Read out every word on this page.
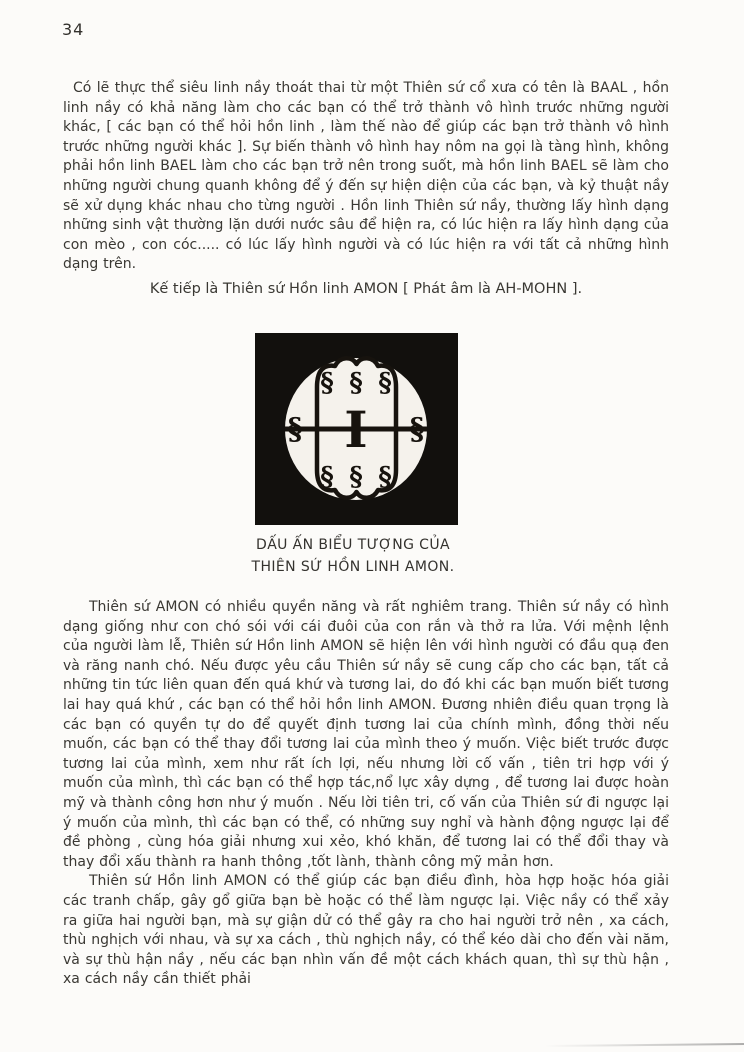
34
Có lẽ thực thể siêu linh nầy thoát thai từ một Thiên sứ cổ xưa có tên là BAAL , hồn linh nầy có khả năng làm cho các bạn có thể trở thành vô hình trước những người khác, [ các bạn có thể hỏi hồn linh , làm thế nào để giúp các bạn trở thành vô hình trước những người khác ]. Sự biến thành vô hình hay nôm na gọi là tàng hình, không phải hồn linh BAEL làm cho các bạn trở nên trong suốt, mà hồn linh BAEL sẽ làm cho những người chung quanh không để ý đến sự hiện diện của các bạn, và kỷ thuật nầy sẽ xử dụng khác nhau cho từng người . Hồn linh Thiên sứ nầy, thường lấy hình dạng những sinh vật thường lặn dưới nước sâu để hiện ra, có lúc hiện ra lấy hình dạng của con mèo , con cóc..... có lúc lấy hình người và có lúc hiện ra với tất cả những hình dạng trên.
Kế tiếp là Thiên sứ Hồn linh AMON [ Phát âm là AH-MOHN ].
§ § §
§ § §
§	§
I
DẤU ẤN BIỂU TƯỢNG CỦA
THIÊN SỨ HỒN LINH AMON.

Thiên sứ AMON có nhiều quyền năng và rất nghiêm trang. Thiên sứ nầy có hình dạng giống như con chó sói với cái đuôi của con rắn và thở ra lửa. Với mệnh lệnh của người làm lễ, Thiên sứ Hồn linh AMON sẽ hiện lên với hình người có đầu quạ đen và răng nanh chó. Nếu được yêu cầu Thiên sứ nầy sẽ cung cấp cho các bạn, tất cả những tin tức liên quan đến quá khứ và tương lai, do đó khi các bạn muốn biết tương lai hay quá khứ , các bạn có thể hỏi hồn linh AMON. Đương nhiên điều quan trọng là các bạn có quyền tự do để quyết định tương lai của chính mình, đồng thời nếu muốn, các bạn có thể thay đổi tương lai của mình theo ý muốn. Việc biết trước được tương lai của mình, xem như rất ích lợi, nếu nhưng lời cố vấn , tiên tri hợp với ý muốn của mình, thì các bạn có thể hợp tác,nổ lực xây dựng , để tương lai được hoàn mỹ và thành công hơn như ý muốn . Nếu lời tiên tri, cố vấn của Thiên sứ đi ngược lại ý muốn của mình, thì các bạn có thể, có những suy nghỉ và hành động ngược lại để đề phòng , cùng hóa giải nhưng xui xẻo, khó khăn, để tương lai có thể đổi thay và thay đổi xấu thành ra hanh thông ,tốt lành, thành công mỹ mản hơn.

Thiên sứ Hồn linh AMON có thể giúp các bạn điều đình, hòa hợp hoặc hóa giải các tranh chấp, gây gổ giữa bạn bè hoặc có thể làm ngược lại. Việc nầy có thể xảy ra giữa hai người bạn, mà sự giận dử có thể gây ra cho hai người trở nên , xa cách, thù nghịch với nhau, và sự xa cách , thù nghịch nầy, có thể kéo dài cho đến vài năm, và sự thù hận nầy , nếu các bạn nhìn vấn đề một cách khách quan, thì sự thù hận , xa cách nầy cần thiết phải
